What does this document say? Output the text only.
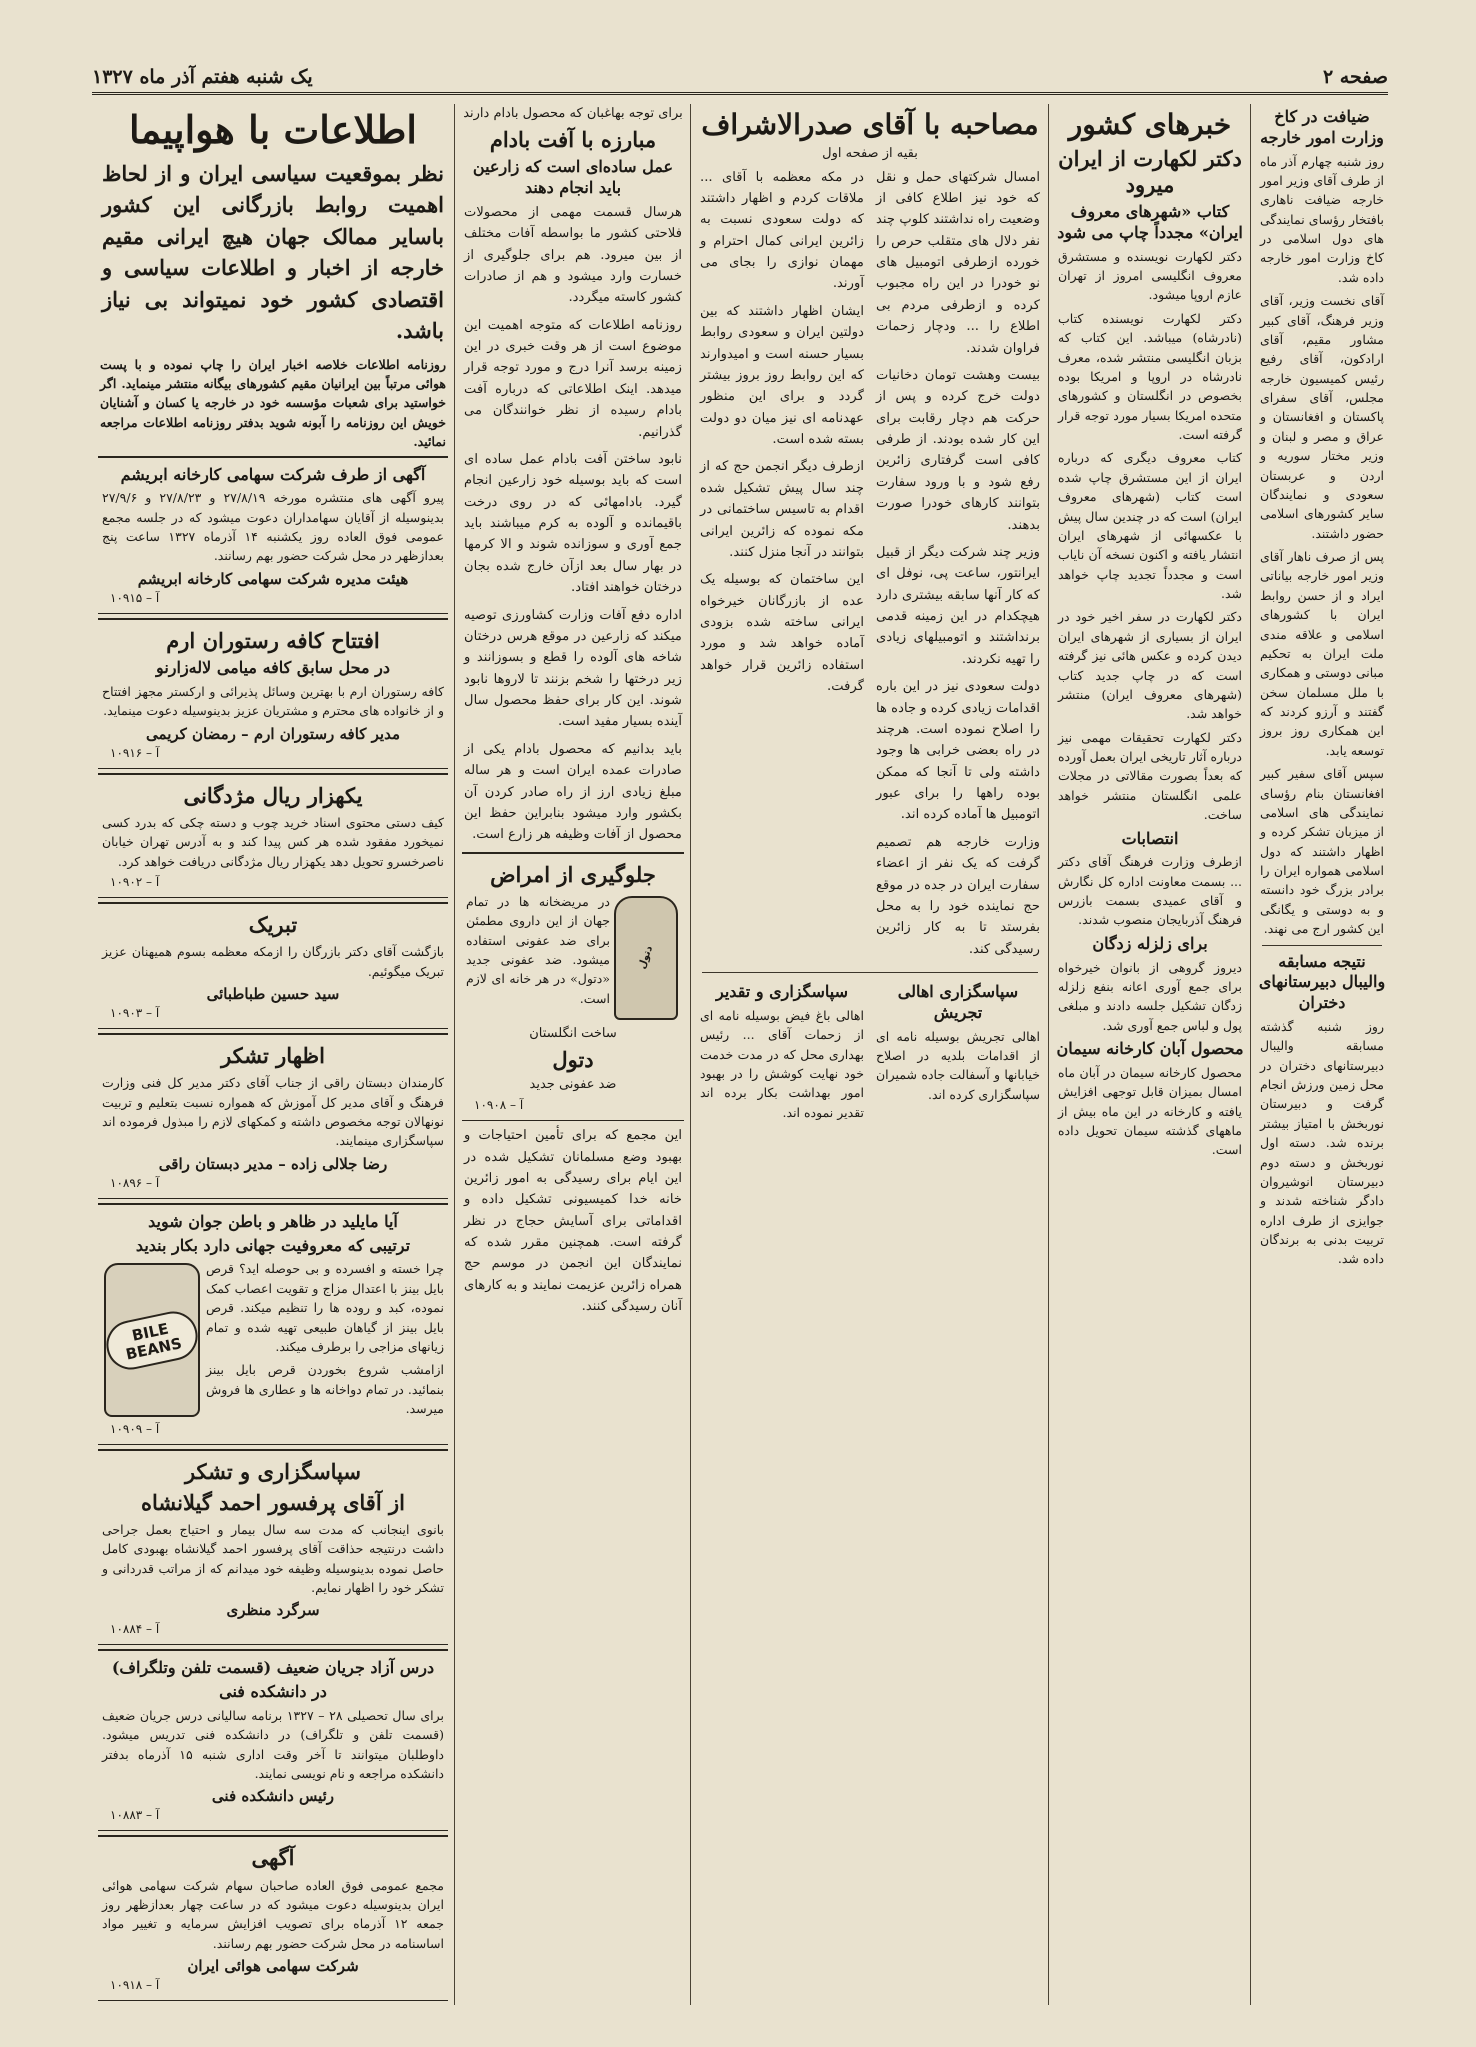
صفحه ۲
یک شنبه هفتم آذر ماه ۱۳۲۷
ضیافت در کاخ وزارت امور خارجه

روز شنبه چهارم آذر ماه از طرف آقای وزیر امور خارجه ضیافت ناهاری بافتخار رؤسای نمایندگی های دول اسلامی در کاخ وزارت امور خارجه داده شد.

آقای نخست وزیر، آقای وزیر فرهنگ، آقای کبیر مشاور مقیم، آقای ارادکون، آقای رفیع رئیس کمیسیون خارجه مجلس، آقای سفرای پاکستان و افغانستان و عراق و مصر و لبنان و وزیر مختار سوریه و اردن و عربستان سعودی و نمایندگان سایر کشورهای اسلامی حضور داشتند.

پس از صرف ناهار آقای وزیر امور خارجه بیاناتی ایراد و از حسن روابط ایران با کشورهای اسلامی و علاقه مندی ملت ایران به تحکیم مبانی دوستی و همکاری با ملل مسلمان سخن گفتند و آرزو کردند که این همکاری روز بروز توسعه یابد.

سپس آقای سفیر کبیر افغانستان بنام رؤسای نمایندگی های اسلامی از میزبان تشکر کرده و اظهار داشتند که دول اسلامی همواره ایران را برادر بزرگ خود دانسته و به دوستی و یگانگی این کشور ارج می نهند.

نتیجه مسابقه والیبال دبیرستانهای دختران

روز شنبه گذشته مسابقه والیبال دبیرستانهای دختران در محل زمین ورزش انجام گرفت و دبیرستان نوربخش با امتیاز بیشتر برنده شد. دسته اول نوربخش و دسته دوم دبیرستان انوشیروان دادگر شناخته شدند و جوایزی از طرف اداره تربیت بدنی به برندگان داده شد.

خبرهای کشور
دکتر لکهارت از ایران میرود
کتاب «شهرهای معروف ایران» مجدداً چاپ می شود

دکتر لکهارت نویسنده و مستشرق معروف انگلیسی امروز از تهران عازم اروپا میشود.

دکتر لکهارت نویسنده کتاب (نادرشاه) میباشد. این کتاب که بزبان انگلیسی منتشر شده، معرف نادرشاه در اروپا و امریکا بوده بخصوص در انگلستان و کشورهای متحده امریکا بسیار مورد توجه قرار گرفته است.

کتاب معروف دیگری که درباره ایران از این مستشرق چاپ شده است کتاب (شهرهای معروف ایران) است که در چندین سال پیش با عکسهائی از شهرهای ایران انتشار یافته و اکنون نسخه آن نایاب است و مجدداً تجدید چاپ خواهد شد.

دکتر لکهارت در سفر اخیر خود در ایران از بسیاری از شهرهای ایران دیدن کرده و عکس هائی نیز گرفته است که در چاپ جدید کتاب (شهرهای معروف ایران) منتشر خواهد شد.

دکتر لکهارت تحقیقات مهمی نیز درباره آثار تاریخی ایران بعمل آورده که بعداً بصورت مقالاتی در مجلات علمی انگلستان منتشر خواهد ساخت.

انتصابات

ازطرف وزارت فرهنگ آقای دکتر ... بسمت معاونت اداره کل نگارش و آقای عمیدی بسمت بازرس فرهنگ آذربایجان منصوب شدند.

برای زلزله زدگان

دیروز گروهی از بانوان خیرخواه برای جمع آوری اعانه بنفع زلزله زدگان تشکیل جلسه دادند و مبلغی پول و لباس جمع آوری شد.

محصول آبان کارخانه سیمان

محصول کارخانه سیمان در آبان ماه امسال بمیزان قابل توجهی افزایش یافته و کارخانه در این ماه بیش از ماههای گذشته سیمان تحویل داده است.

مصاحبه با آقای صدرالاشراف
بقیه از صفحه اول

امسال شرکتهای حمل و نقل که خود نیز اطلاع کافی از وضعیت راه نداشتند کلوپ چند نفر دلال های متقلب حرص را خورده ازطرفی اتومبیل های نو خودرا در این راه مجبوب کرده و ازطرفی مردم بی اطلاع را ... ودچار زحمات فراوان شدند.

بیست وهشت تومان دخانیات دولت خرج کرده و پس از حرکت هم دچار رقابت برای این کار شده بودند. از طرفی کافی است گرفتاری زائرین رفع شود و با ورود سفارت بتوانند کارهای خودرا صورت بدهند.

وزیر چند شرکت دیگر از قبیل ایرانتور، ساعت پی، نوفل ای که کار آنها سابقه بیشتری دارد هیچکدام در این زمینه قدمی برنداشتند و اتومبیلهای زیادی را تهیه نکردند.

دولت سعودی نیز در این باره اقدامات زیادی کرده و جاده ها را اصلاح نموده است. هرچند در راه بعضی خرابی ها وجود داشته ولی تا آنجا که ممکن بوده راهها را برای عبور اتومبیل ها آماده کرده اند.

وزارت خارجه هم تصمیم گرفت که یک نفر از اعضاء سفارت ایران در جده در موقع حج نماینده خود را به محل بفرستد تا به کار زائرین رسیدگی کند.

در مکه معظمه با آقای ... ملاقات کردم و اظهار داشتند که دولت سعودی نسبت به زائرین ایرانی کمال احترام و مهمان نوازی را بجای می آورند.

ایشان اظهار داشتند که بین دولتین ایران و سعودی روابط بسیار حسنه است و امیدوارند که این روابط روز بروز بیشتر گردد و برای این منظور عهدنامه ای نیز میان دو دولت بسته شده است.

ازطرف دیگر انجمن حج که از چند سال پیش تشکیل شده اقدام به تاسیس ساختمانی در مکه نموده که زائرین ایرانی بتوانند در آنجا منزل کنند.

این ساختمان که بوسیله یک عده از بازرگانان خیرخواه ایرانی ساخته شده بزودی آماده خواهد شد و مورد استفاده زائرین قرار خواهد گرفت.

سپاسگزاری اهالی تجریش

اهالی تجریش بوسیله نامه ای از اقدامات بلدیه در اصلاح خیابانها و آسفالت جاده شمیران سپاسگزاری کرده اند.

سپاسگزاری و تقدیر

اهالی باغ فیض بوسیله نامه ای از زحمات آقای ... رئیس بهداری محل که در مدت خدمت خود نهایت کوشش را در بهبود امور بهداشت بکار برده اند تقدیر نموده اند.

برای توجه بهاغبان که محصول بادام دارند
مبارزه با آفت بادام
عمل ساده‌ای است که زارعین باید انجام دهند

هرسال قسمت مهمی از محصولات فلاحتی کشور ما بواسطه آفات مختلف از بین میرود. هم برای جلوگیری از خسارت وارد میشود و هم از صادرات کشور کاسته میگردد.

روزنامه اطلاعات که متوجه اهمیت این موضوع است از هر وقت خبری در این زمینه برسد آنرا درج و مورد توجه قرار میدهد. اینک اطلاعاتی که درباره آفت بادام رسیده از نظر خوانندگان می گذرانیم.

نابود ساختن آفت بادام عمل ساده ای است که باید بوسیله خود زارعین انجام گیرد. بادامهائی که در روی درخت باقیمانده و آلوده به کرم میباشند باید جمع آوری و سوزانده شوند و الا کرمها در بهار سال بعد ازآن خارج شده بجان درختان خواهند افتاد.

اداره دفع آفات وزارت کشاورزی توصیه میکند که زارعین در موقع هرس درختان شاخه های آلوده را قطع و بسوزانند و زیر درختها را شخم بزنند تا لاروها نابود شوند. این کار برای حفظ محصول سال آینده بسیار مفید است.

باید بدانیم که محصول بادام یکی از صادرات عمده ایران است و هر ساله مبلغ زیادی ارز از راه صادر کردن آن بکشور وارد میشود بنابراین حفظ این محصول از آفات وظیفه هر زارع است.

جلوگیری از امراض
دتول

در مریضخانه ها در تمام جهان از این داروی مطمئن برای ضد عفونی استفاده میشود. ضد عفونی جدید «دتول» در هر خانه ای لازم است.

ساخت انگلستان
دتول
ضد عفونی جدید
آ – ۱۰۹۰۸

این مجمع که برای تأمین احتیاجات و بهبود وضع مسلمانان تشکیل شده در این ایام برای رسیدگی به امور زائرین خانه خدا کمیسیونی تشکیل داده و اقداماتی برای آسایش حجاج در نظر گرفته است. همچنین مقرر شده که نمایندگان این انجمن در موسم حج همراه زائرین عزیمت نمایند و به کارهای آنان رسیدگی کنند.

اطلاعات با هواپیما

نظر بموقعیت سیاسی ایران و از لحاظ اهمیت روابط بازرگانی این کشور باسایر ممالک جهان هیچ ایرانی مقیم خارجه از اخبار و اطلاعات سیاسی و اقتصادی کشور خود نمیتواند بی نیاز باشد.

روزنامه اطلاعات خلاصه اخبار ایران را چاپ نموده و با پست هوائی مرتباً بین ایرانیان مقیم کشورهای بیگانه منتشر مینماید. اگر خواستید برای شعبات مؤسسه خود در خارجه یا کسان و آشنایان خویش این روزنامه را آبونه شوید بدفتر روزنامه اطلاعات مراجعه نمائید.

آگهی از طرف شرکت سهامی کارخانه ابریشم

پیرو آگهی های منتشره مورخه ۲۷/۸/۱۹ و ۲۷/۸/۲۳ و ۲۷/۹/۶ بدینوسیله از آقایان سهامداران دعوت میشود که در جلسه مجمع عمومی فوق العاده روز یکشنبه ۱۴ آذرماه ۱۳۲۷ ساعت پنج بعدازظهر در محل شرکت حضور بهم رسانند.

هیئت مدیره شرکت سهامی کارخانه ابریشم
آ – ۱۰۹۱۵
افتتاح کافه رستوران ارم
در محل سابق کافه میامی لاله‌زارنو

کافه رستوران ارم با بهترین وسائل پذیرائی و ارکستر مجهز افتتاح و از خانواده های محترم و مشتریان عزیز بدینوسیله دعوت مینماید.

مدیر کافه رستوران ارم – رمضان کریمی
آ – ۱۰۹۱۶
یکهزار ریال مژدگانی

کیف دستی محتوی اسناد خرید چوب و دسته چکی که بدرد کسی نمیخورد مفقود شده هر کس پیدا کند و به آدرس تهران خیابان ناصرخسرو تحویل دهد یکهزار ریال مژدگانی دریافت خواهد کرد.

آ – ۱۰۹۰۲
تبریک

بازگشت آقای دکتر بازرگان را ازمکه معظمه بسوم همیهنان عزیز تبریک میگوئیم.

سید حسین طباطبائی
آ – ۱۰۹۰۳
اظهار تشکر

کارمندان دبستان راقی از جناب آقای دکتر مدیر کل فنی وزارت فرهنگ و آقای مدیر کل آموزش که همواره نسبت بتعلیم و تربیت نونهالان توجه مخصوص داشته و کمکهای لازم را مبذول فرموده اند سپاسگزاری مینمایند.

رضا جلالی زاده – مدیر دبستان راقی
آ – ۱۰۸۹۶
آیا مایلید در ظاهر و باطن جوان شوید
ترتیبی که معروفیت جهانی دارد بکار بندید
BILE BEANS

چرا خسته و افسرده و بی حوصله اید؟ قرص بایل بینز با اعتدال مزاج و تقویت اعصاب کمک نموده، کبد و روده ها را تنظیم میکند. قرص بایل بینز از گیاهان طبیعی تهیه شده و تمام زیانهای مزاجی را برطرف میکند.

ازامشب شروع بخوردن قرص بایل بینز بنمائید. در تمام دواخانه ها و عطاری ها فروش میرسد.

آ – ۱۰۹۰۹
سپاسگزاری و تشکر
از آقای پرفسور احمد گیلانشاه

بانوی اینجانب که مدت سه سال بیمار و احتیاج بعمل جراحی داشت درنتیجه حذاقت آقای پرفسور احمد گیلانشاه بهبودی کامل حاصل نموده بدینوسیله وظیفه خود میدانم که از مراتب قدردانی و تشکر خود را اظهار نمایم.

سرگرد منظری
آ – ۱۰۸۸۴
درس آزاد جریان ضعیف (قسمت تلفن وتلگراف)
در دانشکده فنی

برای سال تحصیلی ۲۸ – ۱۳۲۷ برنامه سالیانی درس جریان ضعیف (قسمت تلفن و تلگراف) در دانشکده فنی تدریس میشود. داوطلبان میتوانند تا آخر وقت اداری شنبه ۱۵ آذرماه بدفتر دانشکده مراجعه و نام نویسی نمایند.

رئیس دانشکده فنی
آ – ۱۰۸۸۳
آگهی

مجمع عمومی فوق العاده صاحبان سهام شرکت سهامی هوائی ایران بدینوسیله دعوت میشود که در ساعت چهار بعدازظهر روز جمعه ۱۲ آذرماه برای تصویب افزایش سرمایه و تغییر مواد اساسنامه در محل شرکت حضور بهم رسانند.

شرکت سهامی هوائی ایران
آ – ۱۰۹۱۸
